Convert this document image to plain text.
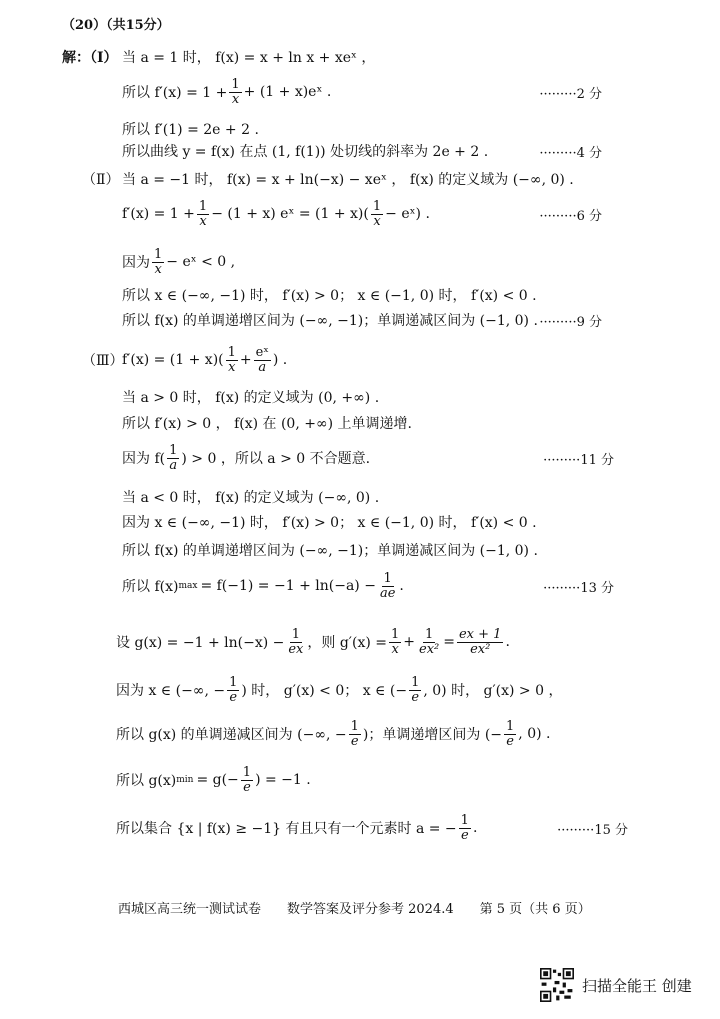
（20）（共15分）
解：（Ⅰ） 当 a = 1 时， f(x) = x + ln x + xeˣ ，
所以 $f'(x) = 1 + \frac{1}{x} + (1$ + x)eˣ .	·········2 分
所以 f′(1) = 2e + 2 .
所以曲线 y = f(x) 在点 (1, f(1)) 处切线的斜率为 2e + 2 .	·········4 分
（Ⅱ） 当 a = −1 时， f(x) = x + ln(−x) − xeˣ ， f(x) 的定义域为 (−∞, 0) .
$f'(x) = 1 + \frac{1}{x} - (1 + x)$ eˣ = $(1 + x)( \frac{1}{x}$ − eˣ) .	·········6 分
因为 $\frac{1}{x}$ − eˣ < 0 ,
所以 x ∈ (−∞, −1) 时， f′(x) > 0； x ∈ (−1, 0) 时， f′(x) < 0 .
所以 f(x) 的单调递增区间为 (−∞, −1)；单调递减区间为 (−1, 0) . ·········9 分
（Ⅲ）
$f'(x) = (1 + x)( \frac{1}{x} + \frac{\text{eˣ}}{a}$ ) .
当 a > 0 时， f(x) 的定义域为 (0, +∞) .
所以 f′(x) > 0 ， f(x) 在 (0, +∞) 上单调递增.
因为 $f( \frac{1}{a}$ ) > 0 ，所以 a > 0 不合题意.	·········11 分
当 a < 0 时， f(x) 的定义域为 (−∞, 0) .
因为 x ∈ (−∞, −1) 时， f′(x) > 0； x ∈ (−1, 0) 时， f′(x) < 0 .
所以 f(x) 的单调递增区间为 (−∞, −1)；单调递减区间为 (−1, 0) .
所以 f(x) $\max = f(-1) = -1 + \ln(-a) - \frac{1}{ae}$ .	·········13 分
设 $g(x) = -1 + \ln(-x) - \frac{1}{ex}$ ，则 $g'(x) = \frac{1}{x} + \frac{1}{\text{ex²}} = \frac{ex + 1}{\text{ex²}}$ .
因为 x ∈ (−∞, − $\frac{1}{e}$ ) 时， g′(x) < 0； x ∈ (− $\frac{1}{e}$ , 0) 时， g′(x) > 0 ，
所以 g(x) 的单调递减区间为 (−∞, − $\frac{1}{e}$ )；单调递增区间为 (− $\frac{1}{e}$ , 0) .
所以 g(x) $\min = g(- \frac{1}{e}$ ) = −1 .
所以集合 {x | f(x) ≥ −1} 有且只有一个元素时 a = − $\frac{1}{e}$ .	·········15 分
西城区高三统一测试试卷　　数学答案及评分参考 2024.4　　第 5 页（共 6 页）
扫描全能王 创建
